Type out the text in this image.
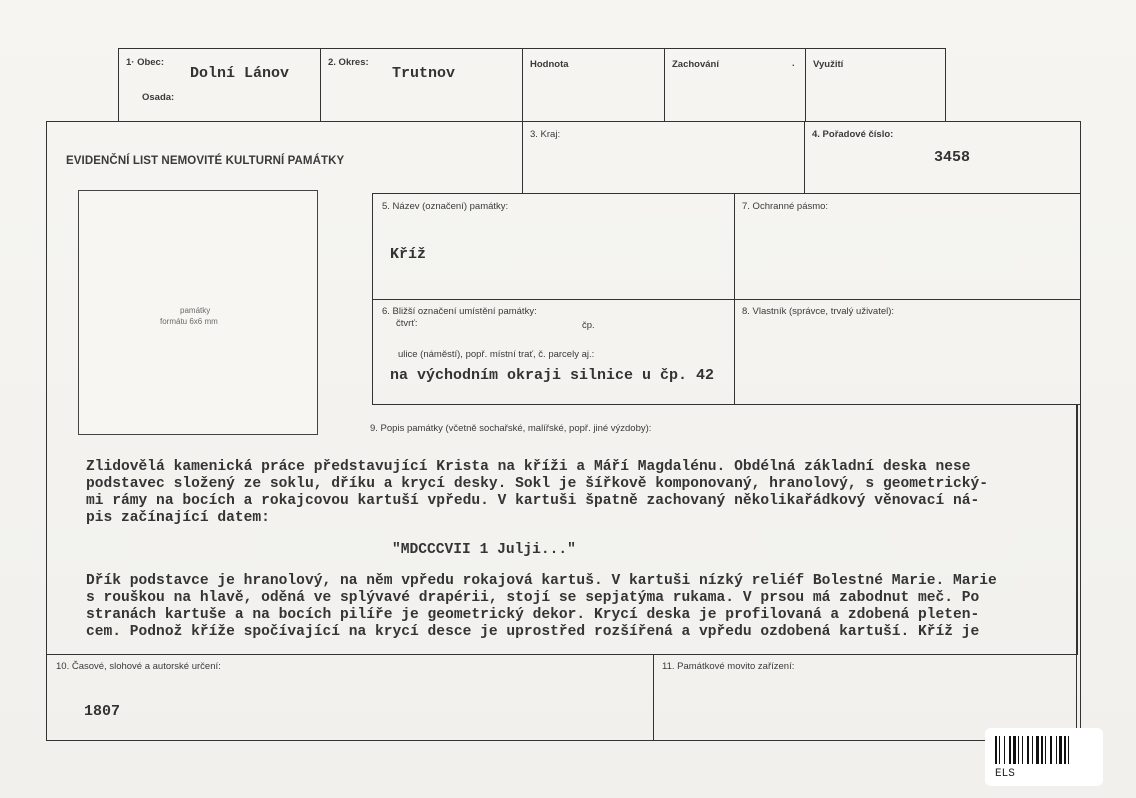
1· Obec:
Dolní Lánov
Osada:
2. Okres:
Trutnov
Hodnota	Zachování	. Využití
EVIDENČNÍ LIST NEMOVITÉ KULTURNÍ PAMÁTKY
3. Kraj:	4. Pořadové číslo:
3458
památky
formátu 6x6 mm
5. Název (označení) památky:
Kříž
7. Ochranné pásmo:
6. Bližší označení umístění památky:
čtvrť:	čp.
ulice (náměstí), popř. místní trať, č. parcely aj.:
na východním okraji silnice u čp. 42
8. Vlastník (správce, trvalý uživatel):
9. Popis památky (včetně sochařské, malířské, popř. jiné výzdoby):
Zlidovělá kamenická práce představující Krista na kříži a Máří Magdalénu. Obdélná základní deska nese
podstavec složený ze soklu, dříku a krycí desky. Sokl je šířkově komponovaný, hranolový, s geometrický-
mi rámy na bocích a rokajcovou kartuší vpředu. V kartuši špatně zachovaný několikařádkový věnovací ná-
pis začínající datem:
"MDCCCVII 1 Julji..."
Dřík podstavce je hranolový, na něm vpředu rokajová kartuš. V kartuši nízký reliéf Bolestné Marie. Marie
s rouškou na hlavě, oděná ve splývavé drapérii, stojí se sepjatýma rukama. V prsou má zabodnut meč. Po
stranách kartuše a na bocích pilíře je geometrický dekor. Krycí deska je profilovaná a zdobená pleten-
cem. Podnož kříže spočívající na krycí desce je uprostřed rozšířená a vpředu ozdobená kartuší. Kříž je
10. Časové, slohové a autorské určení:
1807
11. Památkové movito zařízení:
ELS
